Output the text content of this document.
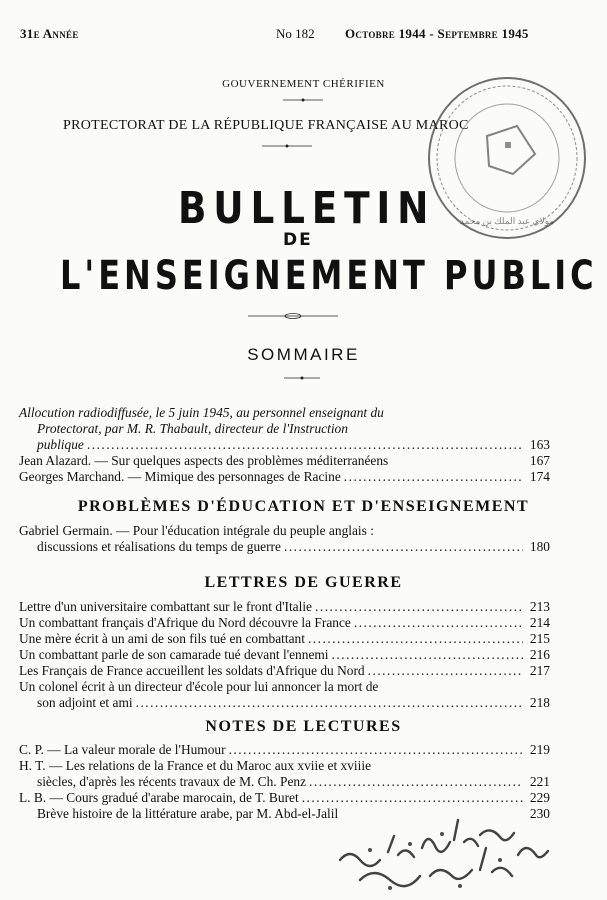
31e Année	No 182 Octobre 1944 - Septembre 1945
GOUVERNEMENT CHÉRIFIEN
PROTECTORAT DE LA RÉPUBLIQUE FRANÇAISE AU MAROC
مولاي عبد الملك بن محمد
BULLETIN
DE
L'ENSEIGNEMENT PUBLIC
SOMMAIRE
Allocution radiodiffusée, le 5 juin 1945, au personnel enseignant du
Protectorat, par M. R. Thabault, directeur de l'Instruction
publique .....	163
Jean Alazard. — Sur quelques aspects des problèmes méditerranéens	167
Georges Marchand. — Mimique des personnages de Racine .....	174
PROBLÈMES D'ÉDUCATION ET D'ENSEIGNEMENT
Gabriel Germain. — Pour l'éducation intégrale du peuple anglais :
discussions et réalisations du temps de guerre .....	180
LETTRES DE GUERRE
Lettre d'un universitaire combattant sur le front d'Italie .....	213
Un combattant français d'Afrique du Nord découvre la France .....	214
Une mère écrit à un ami de son fils tué en combattant .....	215
Un combattant parle de son camarade tué devant l'ennemi .....	216
Les Français de France accueillent les soldats d'Afrique du Nord .....	217
Un colonel écrit à un directeur d'école pour lui annoncer la mort de
son adjoint et ami .....	218
NOTES DE LECTURES
C. P. — La valeur morale de l'Humour .....	219
H. T. — Les relations de la France et du Maroc aux xviie et xviiie
siècles, d'après les récents travaux de M. Ch. Penz .....	221
L. B. — Cours gradué d'arabe marocain, de T. Buret .....	229
Brève histoire de la littérature arabe, par M. Abd-el-Jalil	230
